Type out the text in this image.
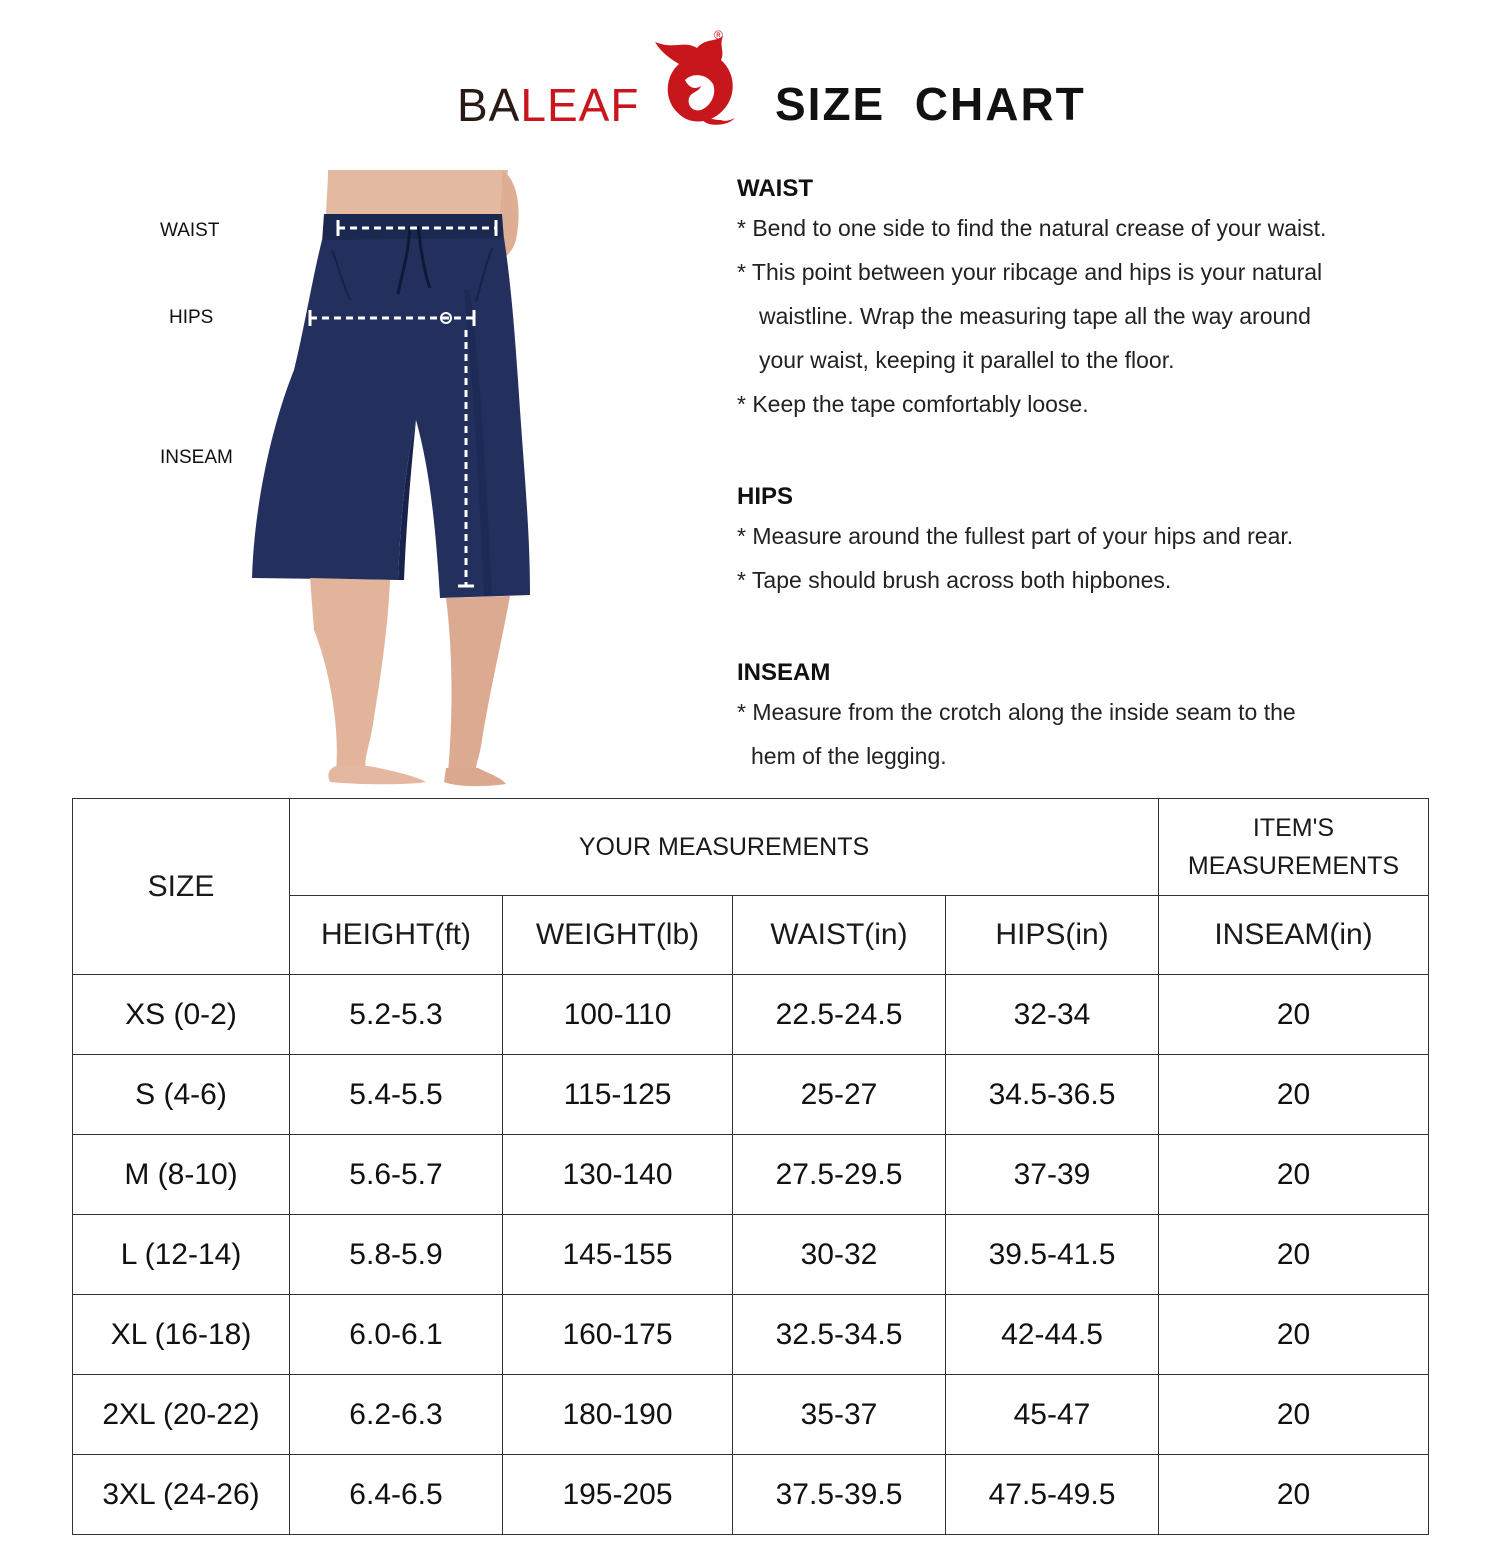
BALEAF
®
SIZE  CHART
WAIST
HIPS
INSEAM
WAIST

* Bend to one side to find the natural crease of your waist.

* This point between your ribcage and hips is your natural

waistline. Wrap the measuring tape all the way around

your waist, keeping it parallel to the floor.

* Keep the tape comfortably loose.

HIPS

* Measure around the fullest part of your hips and rear.

* Tape should brush across both hipbones.

INSEAM

* Measure from the crotch along the inside seam to the

hem of the legging.

SIZE	YOUR MEASUREMENTS				ITEM'S
MEASUREMENTS
	HEIGHT(ft)	WEIGHT(lb)	WAIST(in)	HIPS(in)	INSEAM(in)
XS (0-2)	5.2-5.3	100-110	22.5-24.5	32-34	20
S (4-6)	5.4-5.5	115-125	25-27	34.5-36.5	20
M (8-10)	5.6-5.7	130-140	27.5-29.5	37-39	20
L (12-14)	5.8-5.9	145-155	30-32	39.5-41.5	20
XL (16-18)	6.0-6.1	160-175	32.5-34.5	42-44.5	20
2XL (20-22)	6.2-6.3	180-190	35-37	45-47	20
3XL (24-26)	6.4-6.5	195-205	37.5-39.5	47.5-49.5	20
